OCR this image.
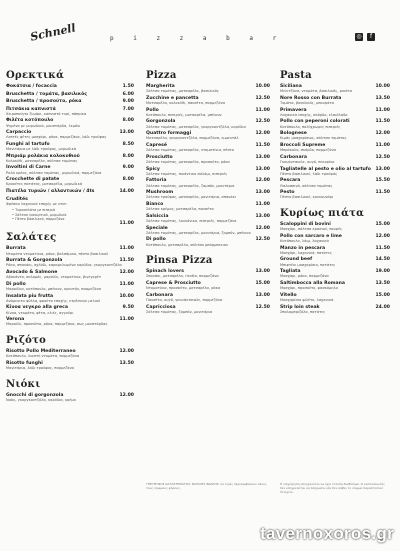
Schnell	p i z z a b a r	◎	f
Ορεκτικά
Φοκάτσια / focaccia	1.50
Bruschetta / τομάτα, βασιλικός	6.00
Bruschetta / προσούτο, ρόκα	9.00
Πιτσάκια καπνιστά	7.00
Χειροποίητο ζυμάρι, καπνιστό τυρί, πάπρικα
Φιλέτα κοτόπουλο	8.00
Ψημένα με μυρωδικά, μουστάρδα, λεμόνι
Carpaccio	13.00
Λεπτές φέτες μοσχάρι, ρόκα, παρμεζάνα, λάδι τρούφας
Funghi al tartufo	8.50
Μανιτάρια με λάδι τρούφας, μυρωδικά
Μπριάμ ρολάκια κολοκυθιού	8.00
Κολοκύθι, μοτσαρέλα, σάλτσα τομάτας
Involtini di Carne	9.00
Ρολά κρέας, σάλτσα τομάτας, μυρωδικά, παρμεζάνα
Crocchette di patate	8.00
Κροκέτες πατάτας, μοτσαρέλα, μυρωδικά
Πιατέλα τυριών / αλλαντικών / 4ts	14.00
Crudités
Φρέσκα λαχανικά εποχής με ντιπ:
• Τυροσαλάτα με πιπεριά
• Σάλτσα γιαουρτιού, μυρωδικά
• Πέστο βασιλικού, παρμεζάνα
11.00
Σαλάτες
Burrata	11.00
Ντομάτα ντοματίνια, ρόκα, βαλσάμικο, πέστο βασιλικού
Burrata & Gorgonzola	11.50
Ρόκα, σπανάκι, αχλάδι, καραμελωμένα καρύδια, γκοργκοντζόλα
Avocado & Salmone	12.00
Αβοκάντο, σολομός, μαρούλι, ντοματίνια, βινεγκρέτ
Di pollo	11.00
Μαρούλια, κοτόπουλο, μπέικον, κρουτόν, παρμεζάνα
Insalata piu frutta	10.00
Ανάμεικτα φύλλα, φρούτα εποχής, ντρέσινγκ μελιού
Κίνοα νεγκρο alla greca	9.50
Κίνοα, ντομάτα, φέτα, ελιές, αγγούρι
Verona	11.00
Μαρούλι, προσούτο, ρόκα, παρμεζάνα, σως μουστάρδας
Ριζότο
Risotto Pollo Mediterraneo	12.00
Κοτόπουλο, λιαστή ντομάτα, παρμεζάνα
Risotto funghi	13.50
Μανιτάρια, λάδι τρούφας, παρμεζάνα
Νιόκι
Gnocchi di gorgonzola	12.00
Νιόκι, γκοργκοντζόλα, καρύδια, κρέμα
Pizza
Margherita	10.00
Σάλτσα τομάτας, μοτσαρέλα, βασιλικός
Zucchine e pancetta	12.50
Μοτσαρέλα, κολοκύθι, πανσέτα, παρμεζάνα
Pollo	11.00
Κοτόπουλο, πιπεριές, μοτσαρέλα, μπέικον
Gorgonzola	12.50
Σάλτσα τομάτας, μοτσαρέλα, γκοργκοντζόλα, καρύδια
Quattro formaggi	12.00
Μοτσαρέλα, γκοργκοντζόλα, παρμεζάνα, εμμεντάλ
Capresé	11.50
Σάλτσα τομάτας, μοτσαρέλα, ντοματίνια, πέστο
Prosciutto	13.00
Σάλτσα τομάτας, μοτσαρέλα, προσούτο, ρόκα
Spicy	13.00
Σάλτσα τομάτας, πικάντικο σαλάμι, πιπεριές
Fattoria	12.00
Σάλτσα τομάτας, μοτσαρέλα, ζαμπόν, μανιτάρια
Mushroom	13.00
Σάλτσα τρούφας, μοτσαρέλα, μανιτάρια, σπανάκι
Bianco	11.00
Σάλτσα κρέμας, μοτσαρέλα, πανσέτα
Salsiccia	13.00
Σάλτσα τομάτας, λουκάνικο, πιπεριές, παρμεζάνα
Speciale	12.00
Σάλτσα τομάτας, μοτσαρέλα, μανιτάρια, ζαμπόν, μπέικον
Di pollo	12.50
Κοτόπουλο, μοτσαρέλα, σάλτσα μπάρμπεκιου
Pinsa Pizza
Spinach lovers	13.00
Σπανάκι, μοτσαρέλα, ricotta, παρμεζάνα
Caprese & Prosciutto	15.00
Ντοματίνια, προσούτο, μοτσαρέλα, ρόκα
Carbonara	13.00
Πανσέτα, αυγό, γκουάντσιαλε, παρμεζάνα
Capricciosa	12.50
Σάλτσα τομάτας, ζαμπόν, μανιτάρια
Pasta
Siciliana	10.00
Μελιτζάνα, ντομάτα, βασιλικός, ρικότα
Nore Rosso con Burrata	13.50
Τομάτα, βασιλικός, μπουράτα
Primavera	11.00
Λαχανικά εποχής, σκόρδο, ελαιόλαδο
Pollo con peperoni colorati	11.50
Κοτόπουλο, πολύχρωμες πιπεριές
Bolognese	12.00
Κιμάς μοσχαρίσιος, σάλτσα τομάτας
Broccoli Supreme	11.00
Μπρόκολο, σκόρδο, παρμεζάνα
Carbonara	12.50
Γκουάντσιαλε, αυγό, πεκορίνο
Tagliatelle al pesto e olio al tartufo 13.00
Πέστο βασιλικού, λάδι τρούφας
Pescara	15.50
Θαλασσινά, σάλτσα τομάτας
Pesto	11.50
Πέστο βασιλικού, κουκουνάρι
Κυρίως πιάτα
Scaloppini di bovini	15.00
Μοσχάρι, σάλτσα κρασιού, πουρές
Pollo con sarcaro e lime	12.00
Κοτόπουλο, λάιμ, λαχανικά
Manzo in pescara	11.50
Μοσχάρι, λαχανικά, πατάτες
Ground beef	14.50
Μπιφτέκι μοσχαρίσιο, πατάτες
Tagliata	19.00
Μοσχάρι, ρόκα, παρμεζάνα
Saltimbocca alla Romana	13.50
Μοσχάρι, προσούτο, φασκόμηλο
Vitello	15.00
Μοσχαρίσιο φιλέτο, λαχανικά
Strip loin steak	24.00
Σπαλομπριζόλα, πατάτες
ΥΠΕΥΘΥΝΟΣ ΚΑΤΑΣΤΗΜΑΤΟΣ: ΒΑΣΙΛΗΣ ΖΩΑΚΗΣ. Οι τιμές περιλαμβάνουν όλους τους νόμιμους φόρους.
Η επιχείρηση υποχρεούται να έχει έντυπα διαθέσιμα. Ο καταναλωτής δεν υποχρεούται να πληρώσει εάν δεν λάβει το νόμιμο παραστατικό στοιχείο.
tavernoxoros.gr
